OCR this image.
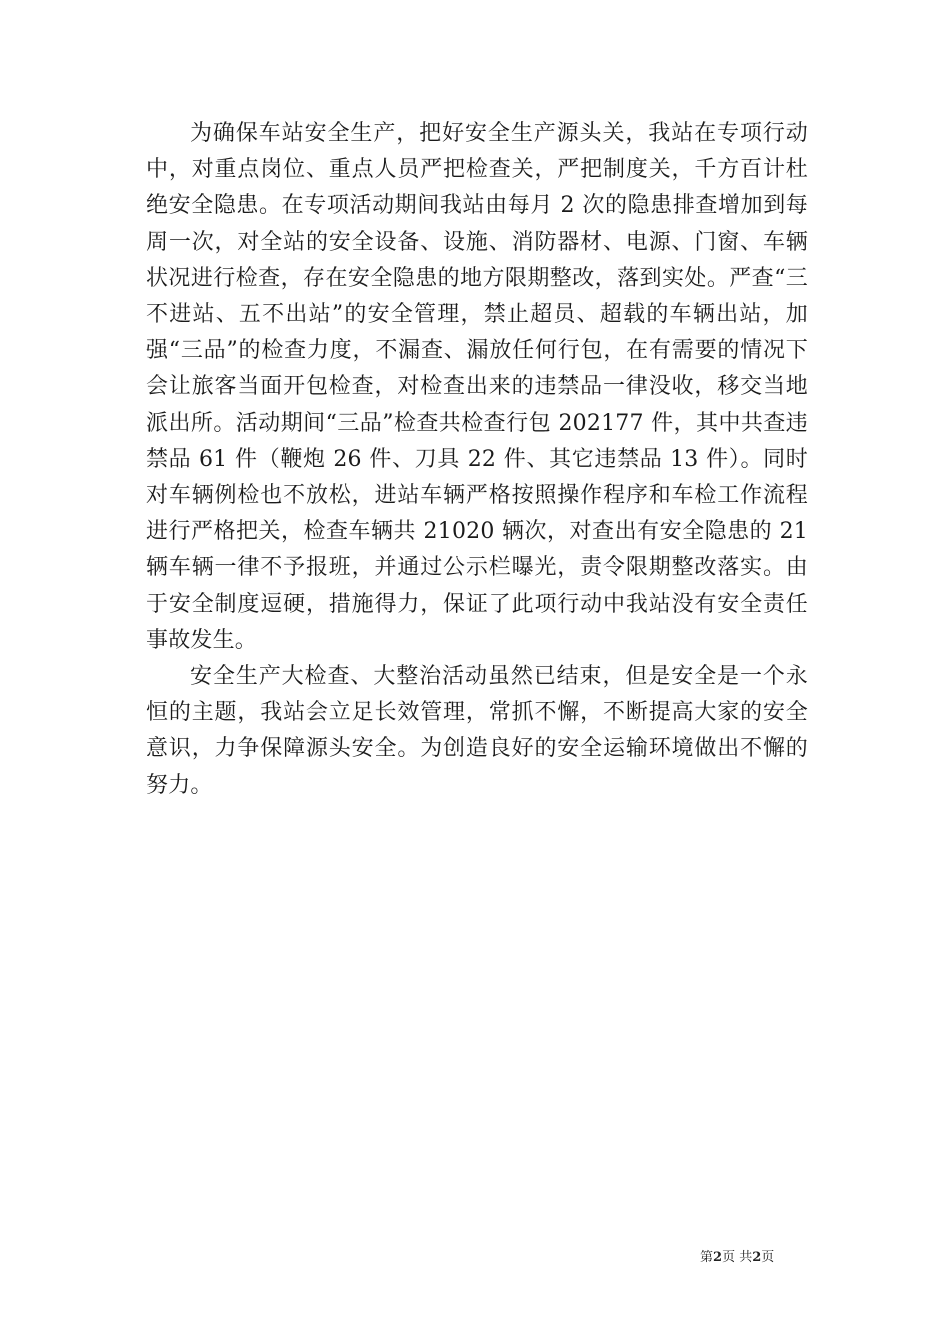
为确保车站安全生产，把好安全生产源头关，我站在专项行动中，对重点岗位、重点人员严把检查关，严把制度关，千方百计杜绝安全隐患。在专项活动期间我站由每月 2 次的隐患排查增加到每周一次，对全站的安全设备、设施、消防器材、电源、门窗、车辆状况进行检查，存在安全隐患的地方限期整改，落到实处。严查“三不进站、五不出站”的安全管理，禁止超员、超载的车辆出站，加强“三品”的检查力度，不漏查、漏放任何行包，在有需要的情况下会让旅客当面开包检查，对检查出来的违禁品一律没收，移交当地派出所。活动期间“三品”检查共检查行包 202177 件，其中共查违禁品 61 件（鞭炮 26 件、刀具 22 件、其它违禁品 13 件）。同时对车辆例检也不放松，进站车辆严格按照操作程序和车检工作流程进行严格把关，检查车辆共 21020 辆次，对查出有安全隐患的 21 辆车辆一律不予报班，并通过公示栏曝光，责令限期整改落实。由于安全制度逗硬，措施得力，保证了此项行动中我站没有安全责任事故发生。

安全生产大检查、大整治活动虽然已结束，但是安全是一个永恒的主题，我站会立足长效管理，常抓不懈，不断提高大家的安全意识，力争保障源头安全。为创造良好的安全运输环境做出不懈的努力。

第2页 共2页
